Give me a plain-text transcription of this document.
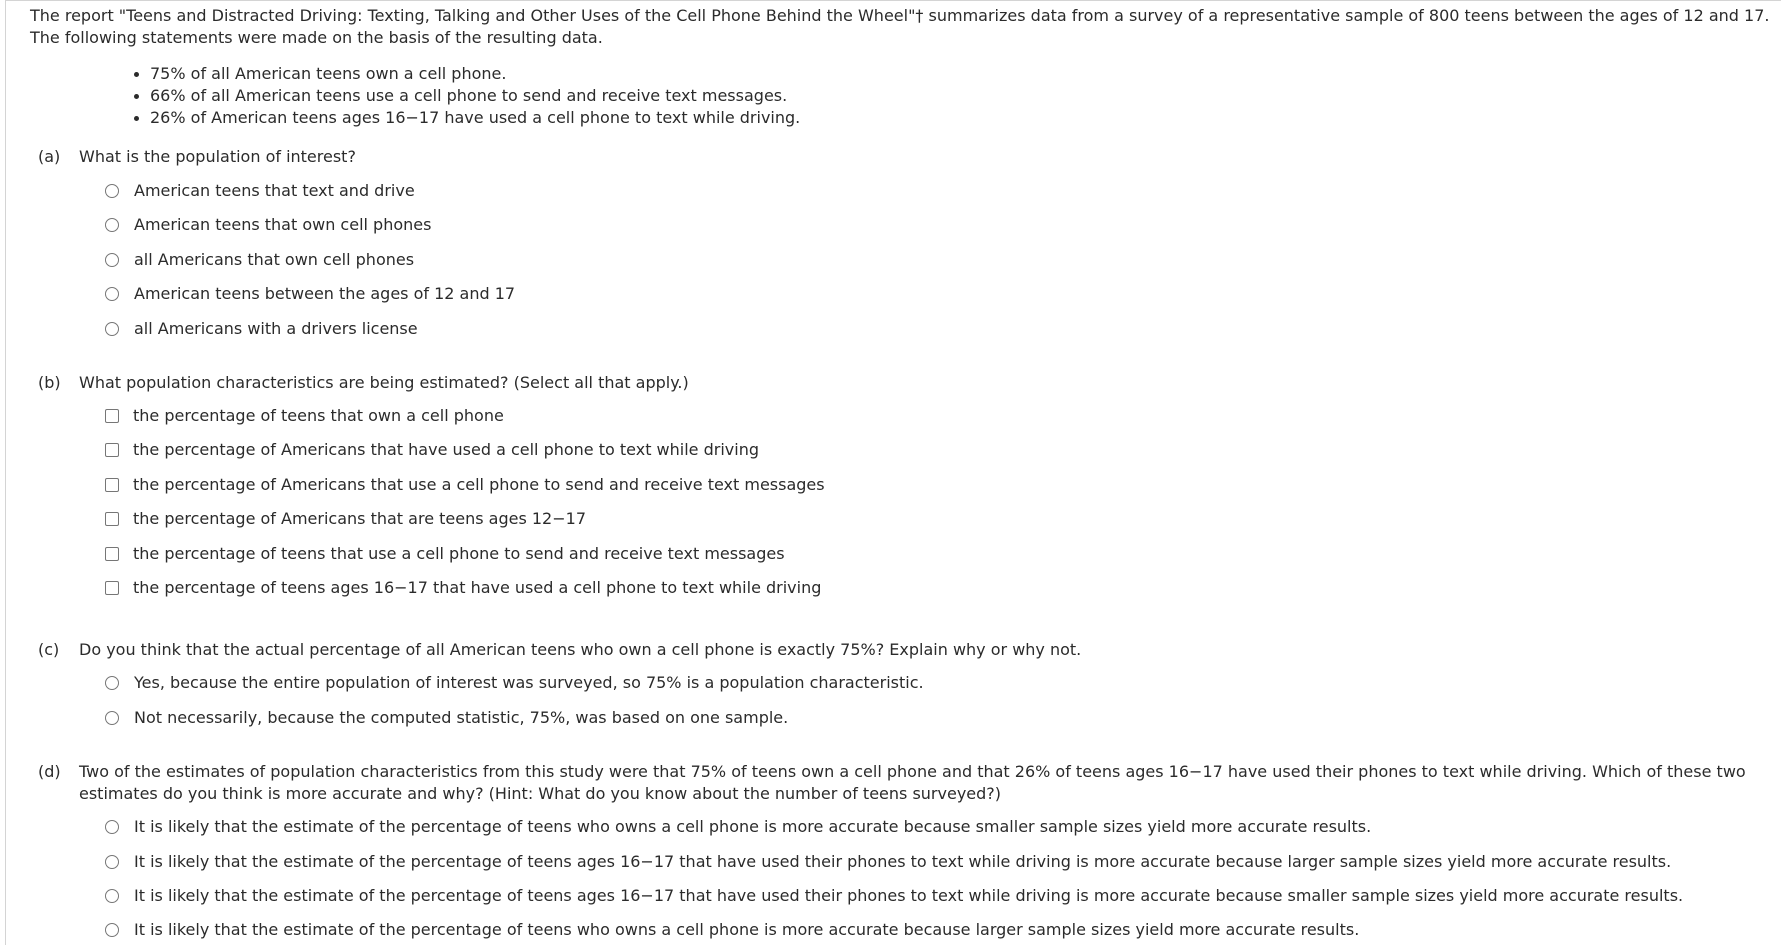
The report "Teens and Distracted Driving: Texting, Talking and Other Uses of the Cell Phone Behind the Wheel"† summarizes data from a survey of a representative sample of 800 teens between the ages of 12 and 17. The following statements were made on the basis of the resulting data.

75% of all American teens own a cell phone.
66% of all American teens use a cell phone to send and receive text messages.
26% of American teens ages 16−17 have used a cell phone to text while driving.
(a) What is the population of interest?
American teens that text and drive
American teens that own cell phones
all Americans that own cell phones
American teens between the ages of 12 and 17
all Americans with a drivers license
(b) What population characteristics are being estimated? (Select all that apply.)
the percentage of teens that own a cell phone
the percentage of Americans that have used a cell phone to text while driving
the percentage of Americans that use a cell phone to send and receive text messages
the percentage of Americans that are teens ages 12−17
the percentage of teens that use a cell phone to send and receive text messages
the percentage of teens ages 16−17 that have used a cell phone to text while driving
(c) Do you think that the actual percentage of all American teens who own a cell phone is exactly 75%? Explain why or why not.
Yes, because the entire population of interest was surveyed, so 75% is a population characteristic.
Not necessarily, because the computed statistic, 75%, was based on one sample.
(d) Two of the estimates of population characteristics from this study were that 75% of teens own a cell phone and that 26% of teens ages 16−17 have used their phones to text while driving. Which of these two estimates do you think is more accurate and why? (Hint: What do you know about the number of teens surveyed?)
It is likely that the estimate of the percentage of teens who owns a cell phone is more accurate because smaller sample sizes yield more accurate results.
It is likely that the estimate of the percentage of teens ages 16−17 that have used their phones to text while driving is more accurate because larger sample sizes yield more accurate results.
It is likely that the estimate of the percentage of teens ages 16−17 that have used their phones to text while driving is more accurate because smaller sample sizes yield more accurate results.
It is likely that the estimate of the percentage of teens who owns a cell phone is more accurate because larger sample sizes yield more accurate results.
